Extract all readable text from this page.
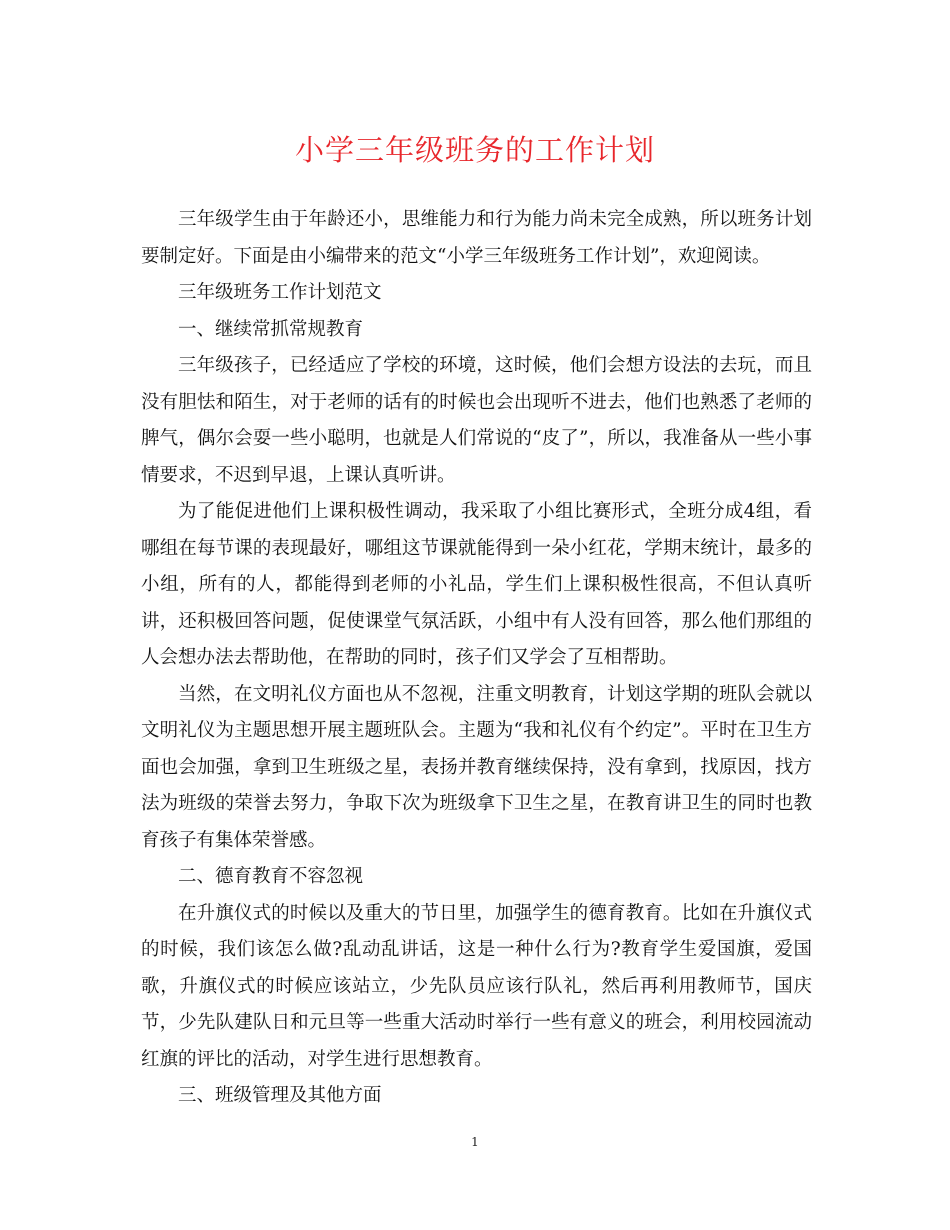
小学三年级班务的工作计划

三年级学生由于年龄还小，思维能力和行为能力尚未完全成熟，所以班务计划要制定好。下面是由小编带来的范文“小学三年级班务工作计划”，欢迎阅读。

三年级班务工作计划范文

一、继续常抓常规教育

三年级孩子，已经适应了学校的环境，这时候，他们会想方设法的去玩，而且没有胆怯和陌生，对于老师的话有的时候也会出现听不进去，他们也熟悉了老师的脾气，偶尔会耍一些小聪明，也就是人们常说的“皮了”，所以，我准备从一些小事情要求，不迟到早退，上课认真听讲。

为了能促进他们上课积极性调动，我采取了小组比赛形式，全班分成4组，看哪组在每节课的表现最好，哪组这节课就能得到一朵小红花，学期末统计，最多的小组，所有的人，都能得到老师的小礼品，学生们上课积极性很高，不但认真听讲，还积极回答问题，促使课堂气氛活跃，小组中有人没有回答，那么他们那组的人会想办法去帮助他，在帮助的同时，孩子们又学会了互相帮助。

当然，在文明礼仪方面也从不忽视，注重文明教育，计划这学期的班队会就以文明礼仪为主题思想开展主题班队会。主题为“我和礼仪有个约定”。平时在卫生方面也会加强，拿到卫生班级之星，表扬并教育继续保持，没有拿到，找原因，找方法为班级的荣誉去努力，争取下次为班级拿下卫生之星，在教育讲卫生的同时也教育孩子有集体荣誉感。

二、德育教育不容忽视

在升旗仪式的时候以及重大的节日里，加强学生的德育教育。比如在升旗仪式的时候，我们该怎么做?乱动乱讲话，这是一种什么行为?教育学生爱国旗，爱国歌，升旗仪式的时候应该站立，少先队员应该行队礼，然后再利用教师节，国庆节，少先队建队日和元旦等一些重大活动时举行一些有意义的班会，利用校园流动红旗的评比的活动，对学生进行思想教育。

三、班级管理及其他方面

1
